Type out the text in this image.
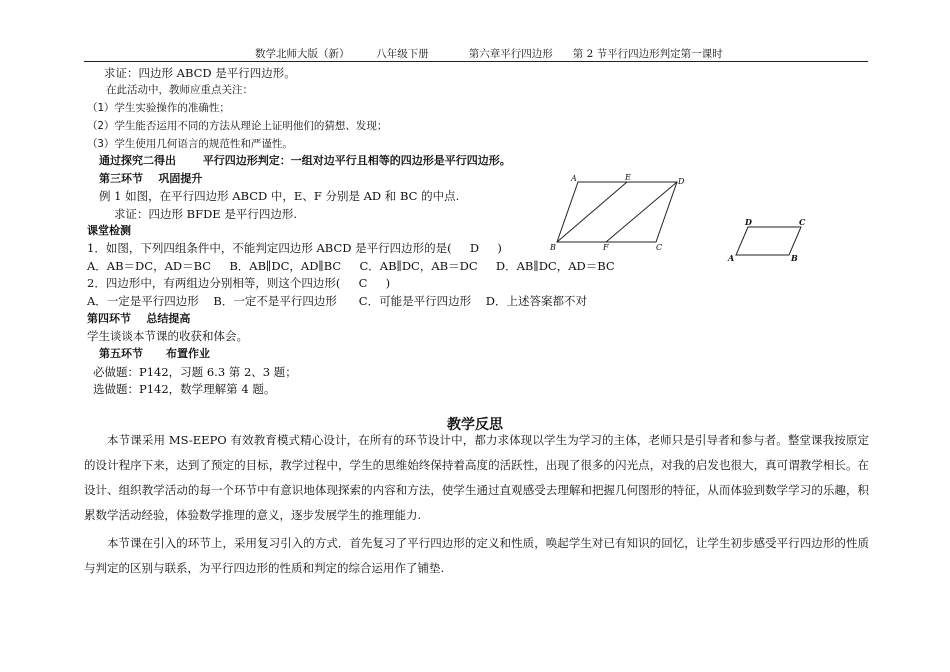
数学北师大版（新）        八年级下册            第六章平行四边形      第 2 节平行四边形判定第一课时
求证：四边形 ABCD 是平行四边形。
在此活动中，教师应重点关注：
（1）学生实验操作的准确性；
（2）学生能否运用不同的方法从理论上证明他们的猜想、发现；
（3）学生使用几何语言的规范性和严谨性。
通过探究二得出       平行四边形判定：一组对边平行且相等的四边形是平行四边形。
第三环节    巩固提升
例 1 如图，在平行四边形 ABCD 中，E、F 分别是 AD 和 BC 的中点.
求证：四边形 BFDE 是平行四边形.
课堂检测
1．如图，下列四组条件中，不能判定四边形 ABCD 是平行四边形的是(     D     )
A．AB＝DC，AD＝BC     B．AB∥DC，AD∥BC     C．AB∥DC，AB＝DC     D．AB∥DC，AD＝BC
2．四边形中，有两组边分别相等，则这个四边形(     C     )
A．一定是平行四边形    B．一定不是平行四边形      C．可能是平行四边形    D．上述答案都不对
第四环节    总结提高
学生谈谈本节课的收获和体会。
第五环节      布置作业
必做题：P142，习题 6.3 第 2、3 题；
选做题：P142，数学理解第 4 题。
A	E	D
B	F	C
D	C
A	B
教学反思
本节课采用 MS-EEPO 有效教育模式精心设计，在所有的环节设计中，都力求体现以学生为学习的主体，老师只是引导者和参与者。整堂课我按原定的设计程序下来，达到了预定的目标，教学过程中，学生的思维始终保持着高度的活跃性，出现了很多的闪光点，对我的启发也很大，真可谓教学相长。在设计、组织教学活动的每一个环节中有意识地体现探索的内容和方法，使学生通过直观感受去理解和把握几何图形的特征，从而体验到数学学习的乐趣，积累数学活动经验，体验数学推理的意义，逐步发展学生的推理能力.
本节课在引入的环节上，采用复习引入的方式．首先复习了平行四边形的定义和性质，唤起学生对已有知识的回忆，让学生初步感受平行四边形的性质与判定的区别与联系，为平行四边形的性质和判定的综合运用作了铺垫.
